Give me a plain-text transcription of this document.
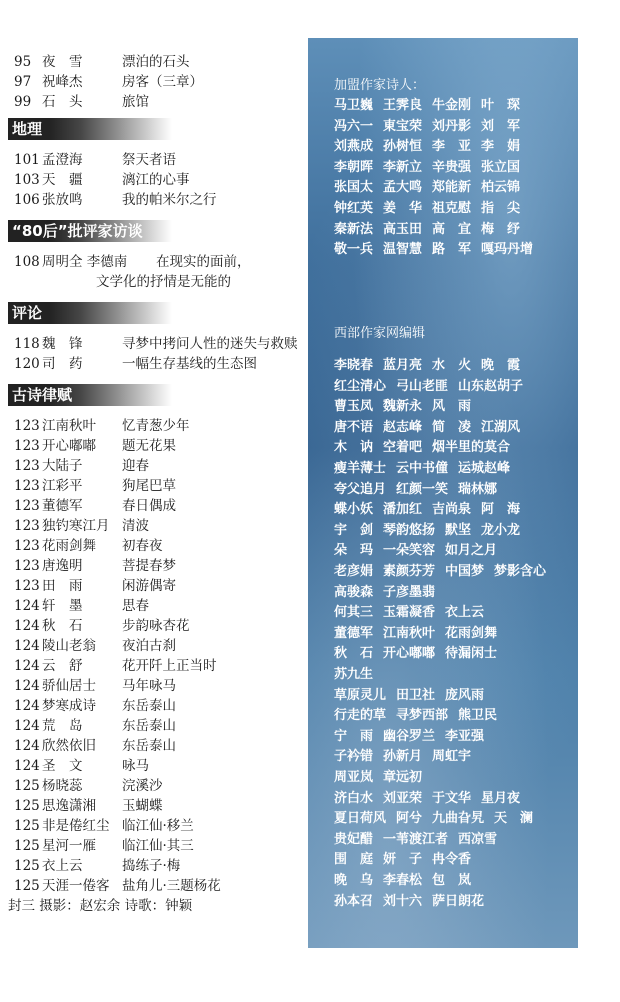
95 夜　雪	漂泊的石头
97 祝峰杰	房客（三章）
99 石　头	旅馆
地理
101 孟澄海	祭天者语
103 天　疆	漓江的心事
106 张放鸣	我的帕米尔之行
“80后”批评家访谈
108 周明全 李德南	在现实的面前，
文学化的抒情是无能的
评论
118 魏　锋	寻梦中拷问人性的迷失与救赎
120 司　药	一幅生存基线的生态图
古诗律赋
123 江南秋叶	忆青葱少年
123 开心嘟嘟	题无花果
123 大陆子	迎春
123 江彩平	狗尾巴草
123 董德军	春日偶成
123 独钓寒江月 清波
123 花雨剑舞	初春夜
123 唐逸明	菩提春梦
123 田　雨	闲游偶寄
124 轩　墨	思春
124 秋　石	步韵咏杏花
124 陵山老翁	夜泊古刹
124 云　舒	花开阡上正当时
124 骄仙居士	马年咏马
124 梦寒成诗	东岳泰山
124 荒　岛	东岳泰山
124 欣然依旧	东岳泰山
124 圣　文	咏马
125 杨晓蕊	浣溪沙
125 思逸潇湘	玉蝴蝶
125 非是倦红尘 临江仙·移兰
125 星河一雁	临江仙·其三
125 衣上云	捣练子·梅
125 天涯一倦客 盐角儿·三题杨花
封三 摄影：赵宏余 诗歌：钟颖
加盟作家诗人：
西部作家网编辑
马卫巍 王霁良 牛金刚 叶　琛
冯六一 東宝荣 刘丹影 刘　军
刘燕成 孙树恒 李　亚 李　娟
李朝晖 李新立 辛贵强 张立国
张国太 孟大鸣 郑能新 柏云锦
钟红英 姜　华 祖克慰 指　尖
秦新法 高玉田 高　宜 梅　纾
敬一兵 温智慧 路　军 嘎玛丹增
李晓春 蓝月亮 水　火 晚　霞
红尘清心 弓山老匪 山东赵胡子
曹玉凤 魏新永 风　雨
唐不语 赵志峰 简　凌 江湖风
木　讷 空着吧 烟半里的莫合
瘦羊薄士 云中书僮 运城赵峰
夸父追月 红颜一笑 瑞林娜
蝶小妖 潘加红 吉尚泉 阿　海
宇　剑 琴韵悠扬 默坚 龙小龙
朵　玛 一朵笑容 如月之月
老彦娟 素颜芬芳 中国梦 梦影含心
高骏森 子彦墨翡
何其三 玉霜凝香 衣上云
董德军 江南秋叶 花雨剑舞
秋　石 开心嘟嘟 待漏闲士
苏九生
草原灵儿 田卫社 庞风雨
行走的草 寻梦西部 熊卫民
宁　雨 幽谷罗兰 李亚强
子衿错 孙新月 周虹宇
周亚岚 章远初
济白水 刘亚荣 于文华 星月夜
夏日荷风 阿兮 九曲旮旯 天　澜
贵妃醋 一苇渡江者 西凉雪
围　庭 妍　子 冉令香
晚　乌 李春松 包　岚
孙本召 刘十六 萨日朗花
